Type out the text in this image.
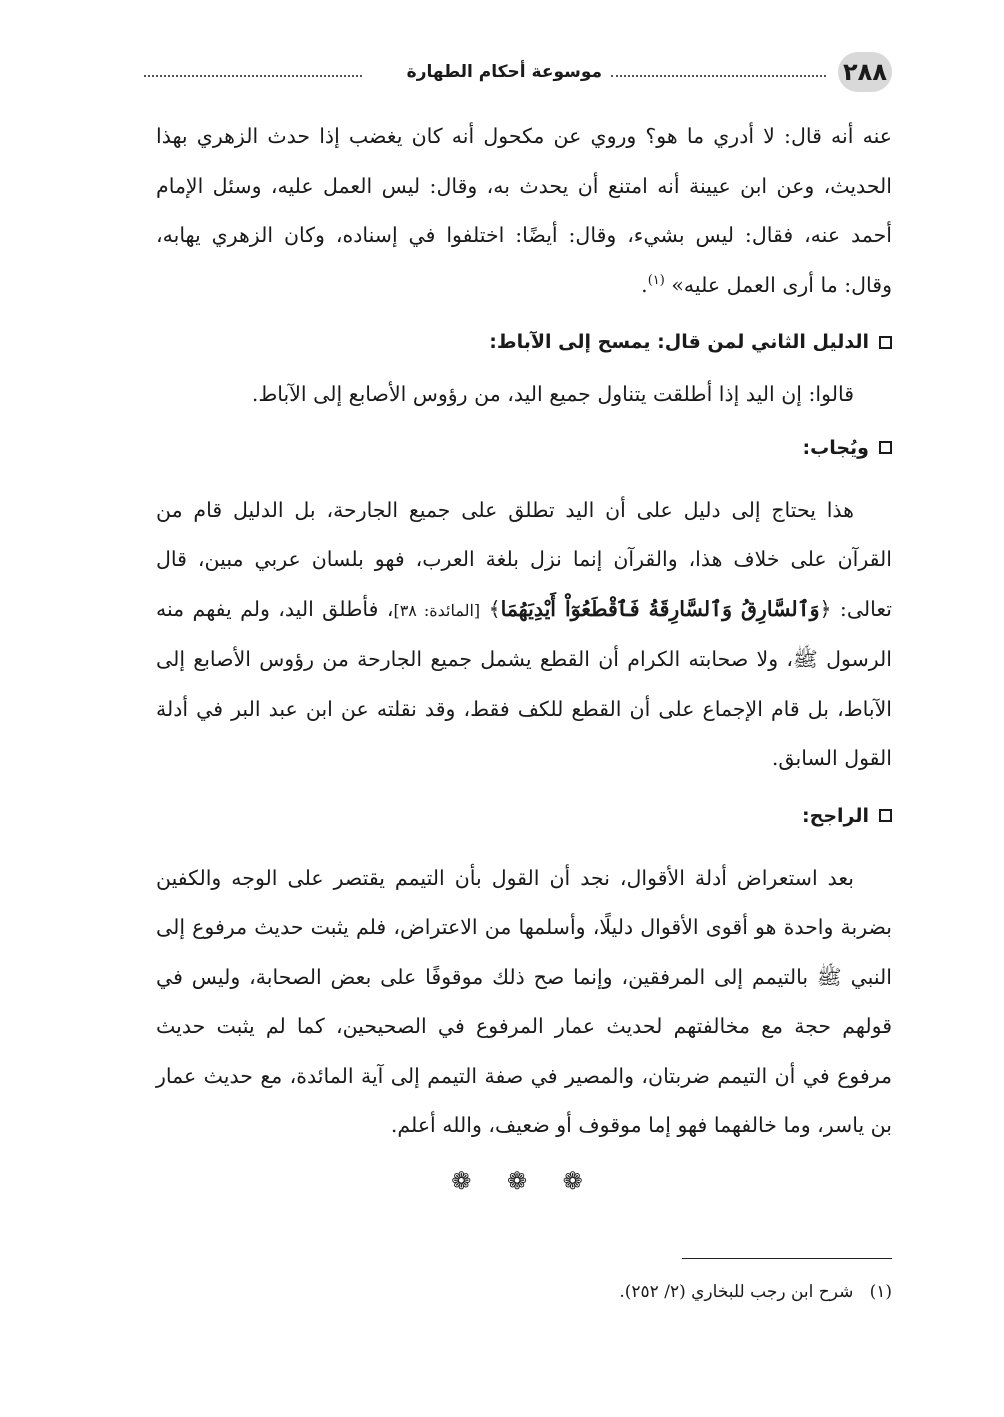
٢٨٨
موسوعة أحكام الطهارة

عنه أنه قال: لا أدري ما هو؟ وروي عن مكحول أنه كان يغضب إذا حدث الزهري بهذا الحديث، وعن ابن عيينة أنه امتنع أن يحدث به، وقال: ليس العمل عليه، وسئل الإمام أحمد عنه، فقال: ليس بشيء، وقال: أيضًا: اختلفوا في إسناده، وكان الزهري يهابه، وقال: ما أرى العمل عليه» $^{(١)}$.

الدليل الثاني لمن قال: يمسح إلى الآباط:

قالوا: إن اليد إذا أطلقت يتناول جميع اليد، من رؤوس الأصابع إلى الآباط.

ويُجاب:

هذا يحتاج إلى دليل على أن اليد تطلق على جميع الجارحة، بل الدليل قام من القرآن على خلاف هذا، والقرآن إنما نزل بلغة العرب، فهو بلسان عربي مبين، قال تعالى: ﴿وَٱلسَّارِقُ وَٱلسَّارِقَةُ فَٱقْطَعُوٓاْ أَيْدِيَهُمَا﴾ [المائدة: ٣٨]، فأطلق اليد، ولم يفهم منه الرسول ﷺ، ولا صحابته الكرام أن القطع يشمل جميع الجارحة من رؤوس الأصابع إلى الآباط، بل قام الإجماع على أن القطع للكف فقط، وقد نقلته عن ابن عبد البر في أدلة القول السابق.

الراجح:

بعد استعراض أدلة الأقوال، نجد أن القول بأن التيمم يقتصر على الوجه والكفين بضربة واحدة هو أقوى الأقوال دليلًا، وأسلمها من الاعتراض، فلم يثبت حديث مرفوع إلى النبي ﷺ بالتيمم إلى المرفقين، وإنما صح ذلك موقوفًا على بعض الصحابة، وليس في قولهم حجة مع مخالفتهم لحديث عمار المرفوع في الصحيحين، كما لم يثبت حديث مرفوع في أن التيمم ضربتان، والمصير في صفة التيمم إلى آية المائدة، مع حديث عمار بن ياسر، وما خالفهما فهو إما موقوف أو ضعيف، والله أعلم.

❁ ❁ ❁
(١)   شرح ابن رجب للبخاري (٢/ ٢٥٢).
